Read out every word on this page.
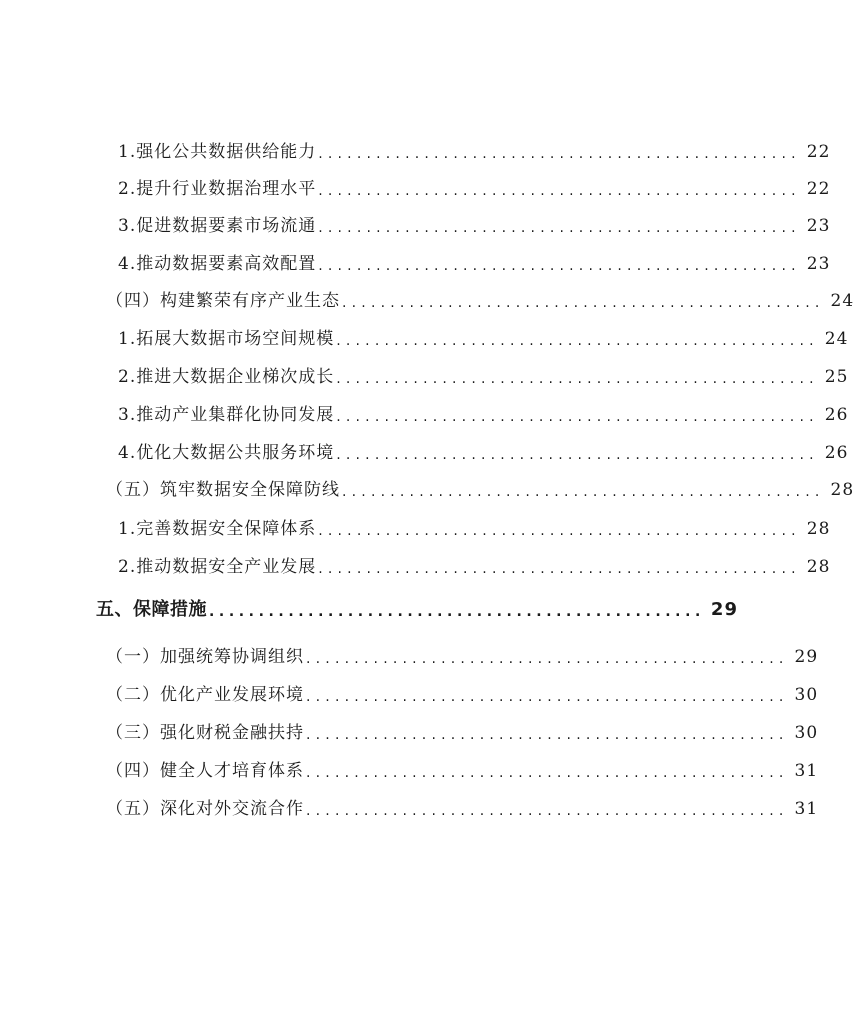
1.强化公共数据供给能力 .................................................. 22
2.提升行业数据治理水平 .................................................. 22
3.促进数据要素市场流通 .................................................. 23
4.推动数据要素高效配置 .................................................. 23
（四）构建繁荣有序产业生态 .................................................. 24
1.拓展大数据市场空间规模 .................................................. 24
2.推进大数据企业梯次成长 .................................................. 25
3.推动产业集群化协同发展 .................................................. 26
4.优化大数据公共服务环境 .................................................. 26
（五）筑牢数据安全保障防线 .................................................. 28
1.完善数据安全保障体系 .................................................. 28
2.推动数据安全产业发展 .................................................. 28
五、保障措施 .................................................. 29
（一）加强统筹协调组织 .................................................. 29
（二）优化产业发展环境 .................................................. 30
（三）强化财税金融扶持 .................................................. 30
（四）健全人才培育体系 .................................................. 31
（五）深化对外交流合作 .................................................. 31
